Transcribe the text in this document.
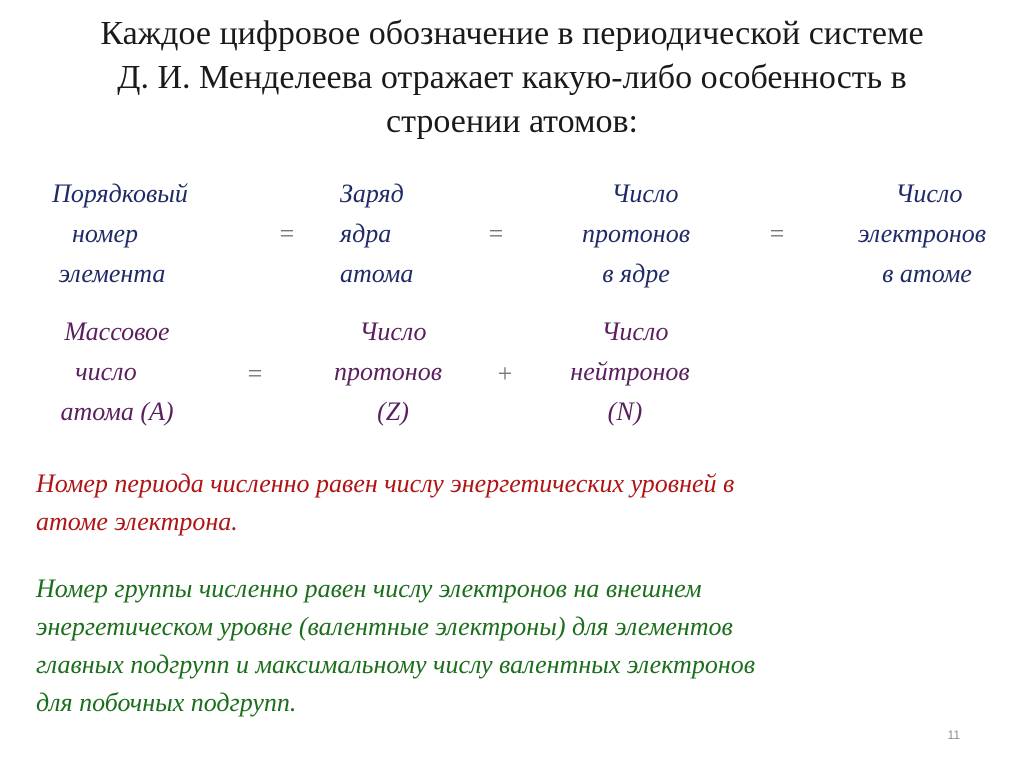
Каждое цифровое обозначение в периодической системе
Д. И. Менделеева отражает какую-либо особенность в
строении атомов:
Порядковый
номер
элемента
=
Заряд
ядра
атома
=
Число
протонов
в ядре
=
Число
электронов
в атоме
Массовое
число
атома (А)
=
Число
протонов
(Z)
+
Число
нейтронов
(N)

Номер периода численно равен числу энергетических уровней в
атоме электрона.

Номер группы численно равен числу электронов на внешнем
энергетическом уровне (валентные электроны) для элементов
главных подгрупп и максимальному числу валентных электронов
для побочных подгрупп.

11
